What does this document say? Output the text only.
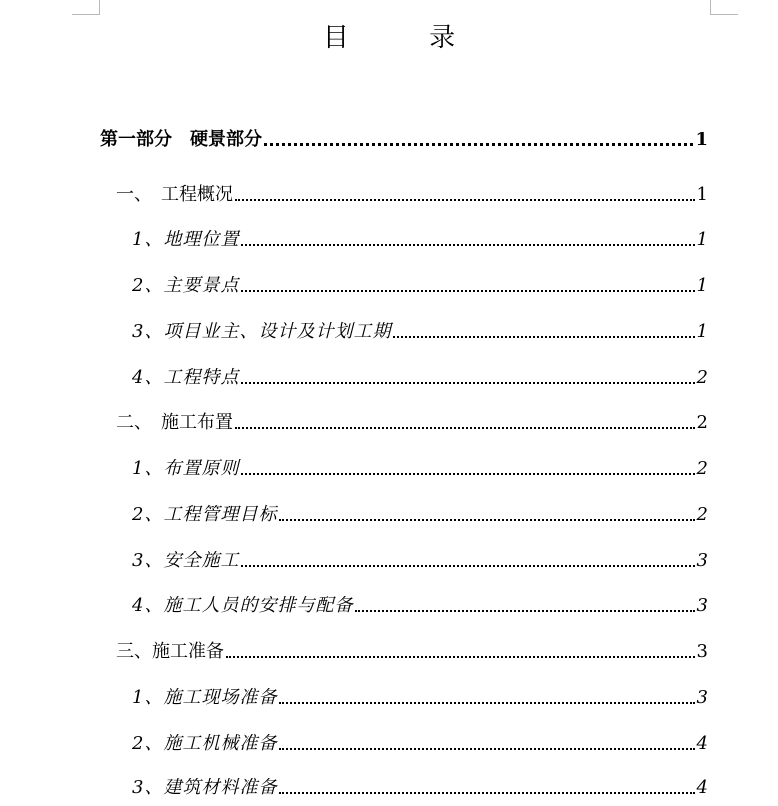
目 录
第一部分　硬景部分	1
一、　工程概况	1
1、地理位置	1
2、主要景点	1
3、项目业主、设计及计划工期	1
4、工程特点	2
二、　施工布置	2
1、布置原则	2
2、工程管理目标	2
3、安全施工	3
4、施工人员的安排与配备	3
三、施工准备	3
1、施工现场准备	3
2、施工机械准备	4
3、建筑材料准备	4
